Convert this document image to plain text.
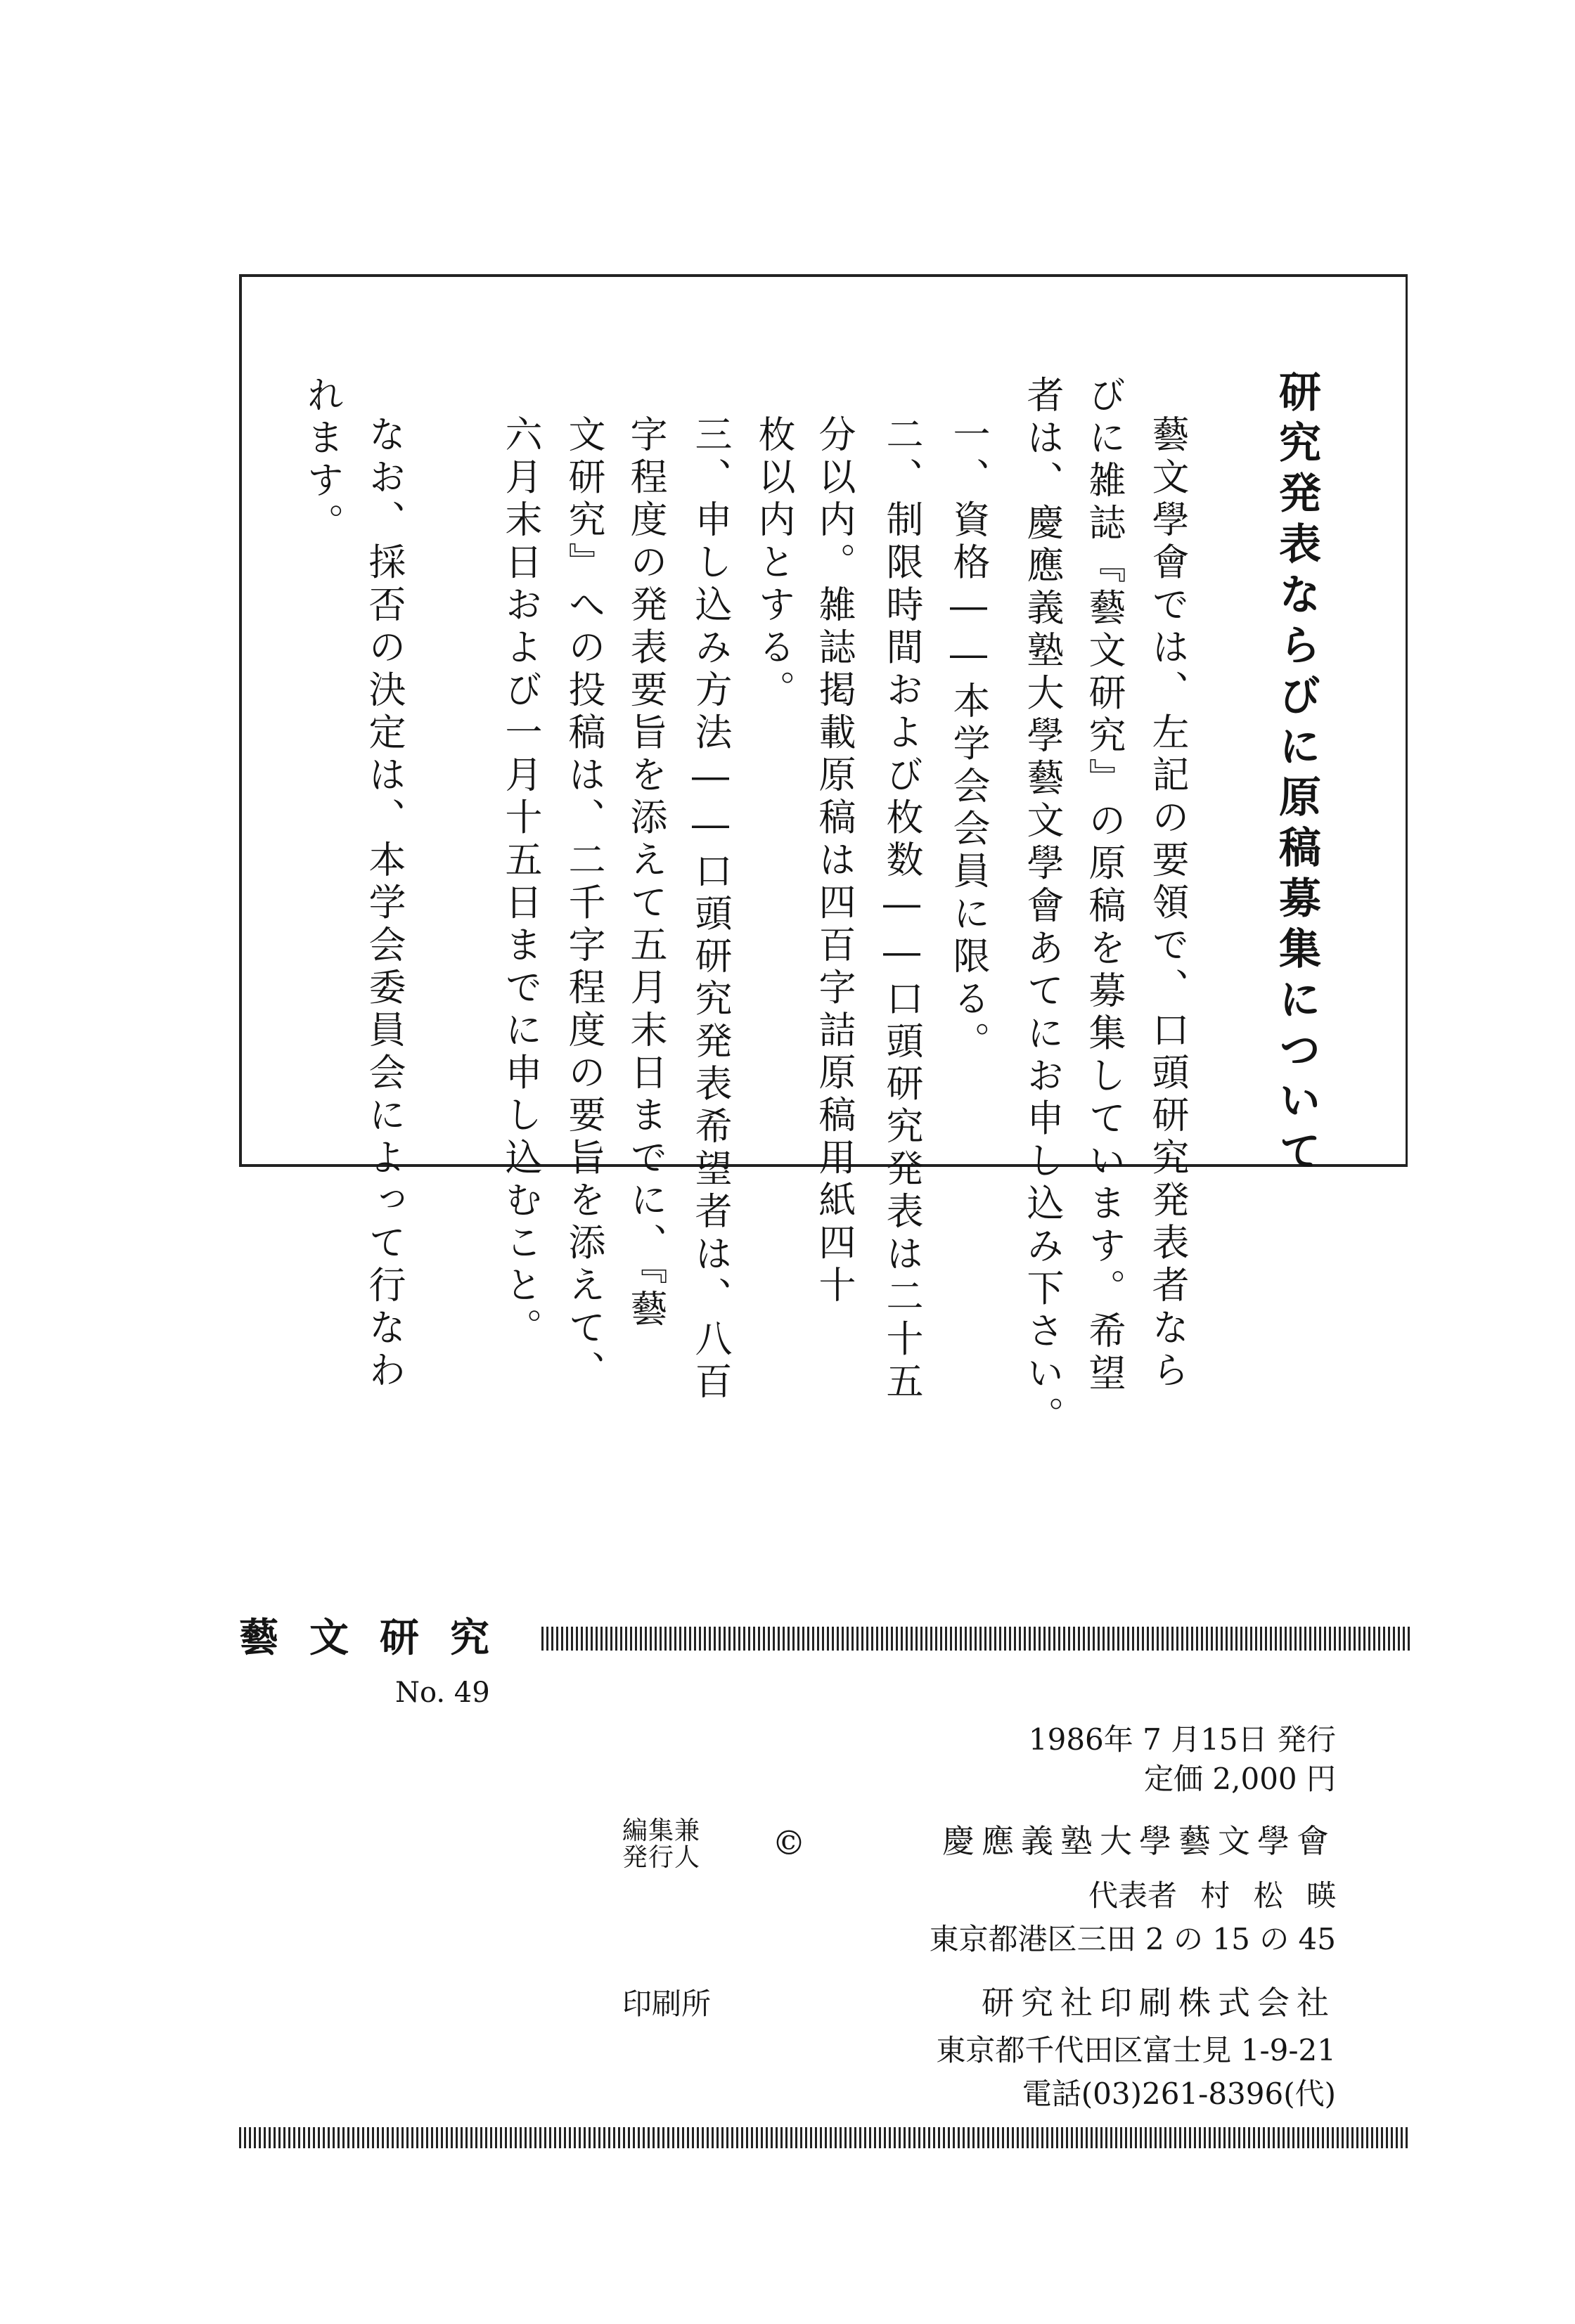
研究発表ならびに原稿募集について

藝文學會では、左記の要領で、口頭研究発表者なら

びに雑誌『藝文研究』の原稿を募集しています。希望

者は、慶應義塾大學藝文學會あてにお申し込み下さい。

一、資格――本学会会員に限る。

二、制限時間および枚数――口頭研究発表は二十五

分以内。雑誌掲載原稿は四百字詰原稿用紙四十

枚以内とする。

三、申し込み方法――口頭研究発表希望者は、八百

字程度の発表要旨を添えて五月末日までに、『藝

文研究』への投稿は、二千字程度の要旨を添えて、

六月末日および一月十五日までに申し込むこと。

なお、採否の決定は、本学会委員会によって行なわ

れます。

藝文研究
No. 49
1986年 7 月15日 発行
定価 2,000 円
編集兼
発行人 ©	慶應義塾大學藝文學會
代表者 村 松 暎
東京都港区三田 2 の 15 の 45
印刷所	研究社印刷株式会社
東京都千代田区富士見 1-9-21
電話(03)261-8396(代)
